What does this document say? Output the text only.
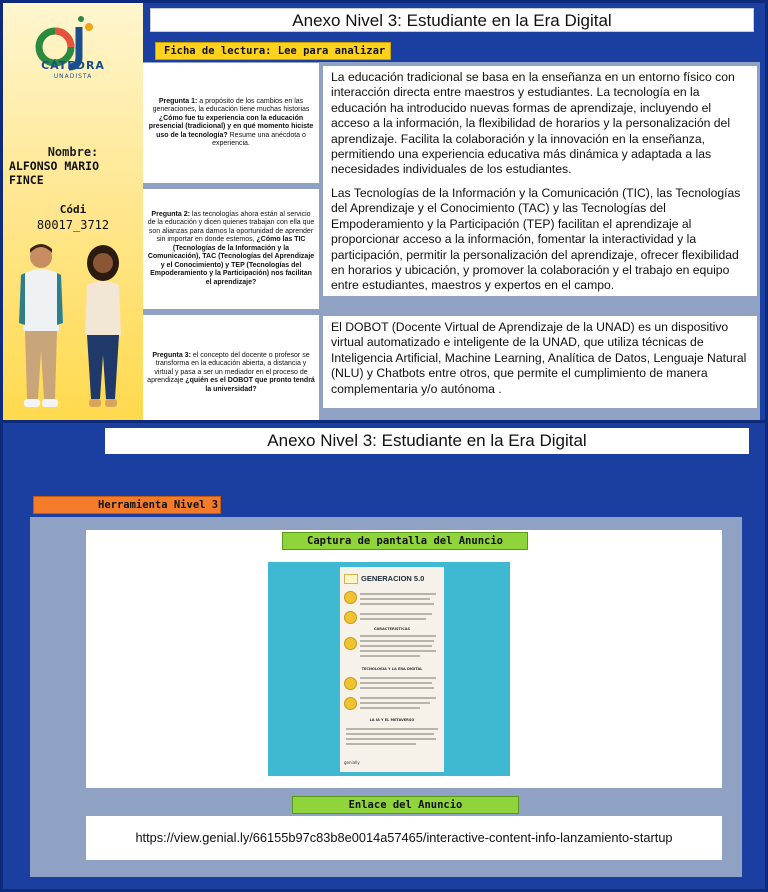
CÁTEDRA
UNADISTA
Nombre:
ALFONSO MARIO FINCE
Códi
80017_3712
Anexo Nivel 3: Estudiante en la Era Digital
Ficha de lectura: Lee para analizar
Pregunta 1: a propósito de los cambios en las generaciones, la educación tiene muchas historias ¿Cómo fue tu experiencia con la educación presencial (tradicional) y en qué momento hiciste uso de la tecnología? Resume una anécdota o experiencia.
Pregunta 2: las tecnologías ahora están al servicio de la educación y dicen quienes trabajan con ella que son alianzas para darnos la oportunidad de aprender sin importar en donde estemos, ¿Cómo las TIC (Tecnologías de la Información y la Comunicación), TAC (Tecnologías del Aprendizaje y el Conocimiento) y TEP (Tecnologías del Empoderamiento y la Participación) nos facilitan el aprendizaje?
Pregunta 3: el concepto del docente o profesor se transforma en la educación abierta, a distancia y virtual y pasa a ser un mediador en el proceso de aprendizaje ¿quién es el DOBOT que pronto tendrá la universidad?
La educación tradicional se basa en la enseñanza en un entorno físico con interacción directa entre maestros y estudiantes. La tecnología en la educación ha introducido nuevas formas de aprendizaje, incluyendo el acceso a la información, la flexibilidad de horarios y la personalización del aprendizaje. Facilita la colaboración y la innovación en la enseñanza, permitiendo una experiencia educativa más dinámica y adaptada a las necesidades individuales de los estudiantes.
Las Tecnologías de la Información y la Comunicación (TIC), las Tecnologías del Aprendizaje y el Conocimiento (TAC) y las Tecnologías del Empoderamiento y la Participación (TEP) facilitan el aprendizaje al proporcionar acceso a la información, fomentar la interactividad y la participación, permitir la personalización del aprendizaje, ofrecer flexibilidad en horarios y ubicación, y promover la colaboración y el trabajo en equipo entre estudiantes, maestros y expertos en el campo.
El DOBOT (Docente Virtual de Aprendizaje de la UNAD) es un dispositivo virtual automatizado e inteligente de la UNAD, que utiliza técnicas de Inteligencia Artificial, Machine Learning, Analítica de Datos, Lenguaje Natural (NLU) y Chatbots entre otros, que permite el cumplimiento de manera complementaria y/o autónoma .
Anexo Nivel 3: Estudiante en la Era Digital
Herramienta Nivel 3
Captura de pantalla del Anuncio
GENERACION 5.0
CARACTERISTICAS
TECNOLOGIA Y LA ERA DIGITAL
LA IA Y EL METAVERSO
genially
Enlace del Anuncio
https://view.genial.ly/66155b97c83b8e0014a57465/interactive-content-info-lanzamiento-startup
